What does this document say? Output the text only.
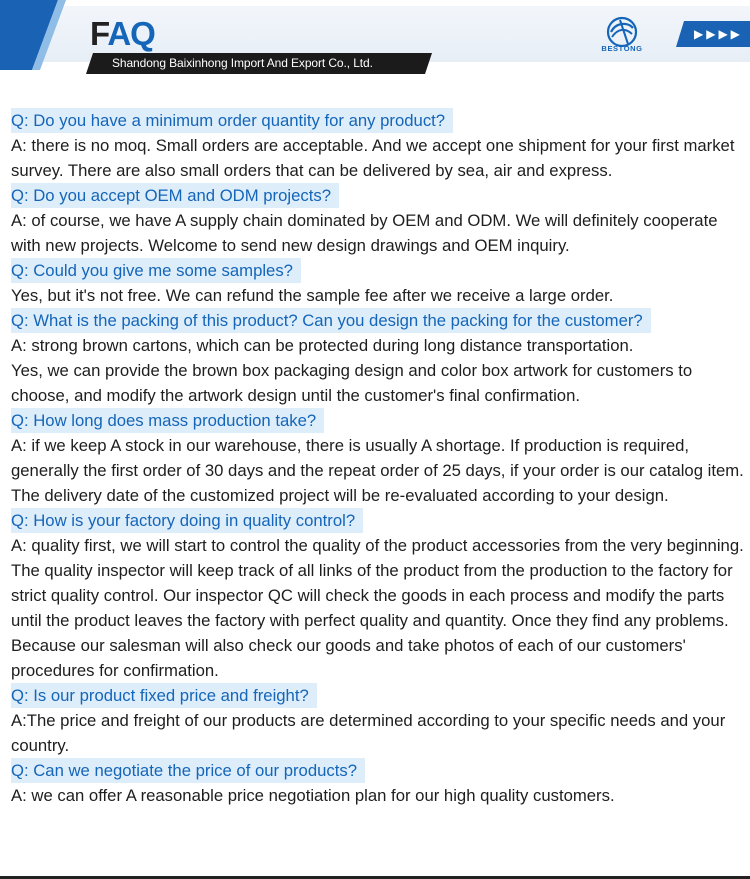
FAQ
Shandong Baixinhong Import And Export Co., Ltd.
BESTONG
▶▶▶▶
Q: Do you have a minimum order quantity for any product?

A: there is no moq. Small orders are acceptable. And we accept one shipment for your first market survey. There are also small orders that can be delivered by sea, air and express.

Q: Do you accept OEM and ODM projects?

A: of course, we have A supply chain dominated by OEM and ODM. We will definitely cooperate with new projects. Welcome to send new design drawings and OEM inquiry.

Q: Could you give me some samples?

Yes, but it's not free. We can refund the sample fee after we receive a large order.

Q: What is the packing of this product? Can you design the packing for the customer?

A: strong brown cartons, which can be protected during long distance transportation.

Yes, we can provide the brown box packaging design and color box artwork for customers to choose, and modify the artwork design until the customer's final confirmation.

Q: How long does mass production take?

A: if we keep A stock in our warehouse, there is usually A shortage. If production is required, generally the first order of 30 days and the repeat order of 25 days, if your order is our catalog item. The delivery date of the customized project will be re-evaluated according to your design.

Q: How is your factory doing in quality control?

A: quality first, we will start to control the quality of the product accessories from the very beginning. The quality inspector will keep track of all links of the product from the production to the factory for strict quality control. Our inspector QC will check the goods in each process and modify the parts until the product leaves the factory with perfect quality and quantity. Once they find any problems. Because our salesman will also check our goods and take photos of each of our customers' procedures for confirmation.

Q: Is our product fixed price and freight?

A:The price and freight of our products are determined according to your specific needs and your country.

Q: Can we negotiate the price of our products?

A: we can offer A reasonable price negotiation plan for our high quality customers.
